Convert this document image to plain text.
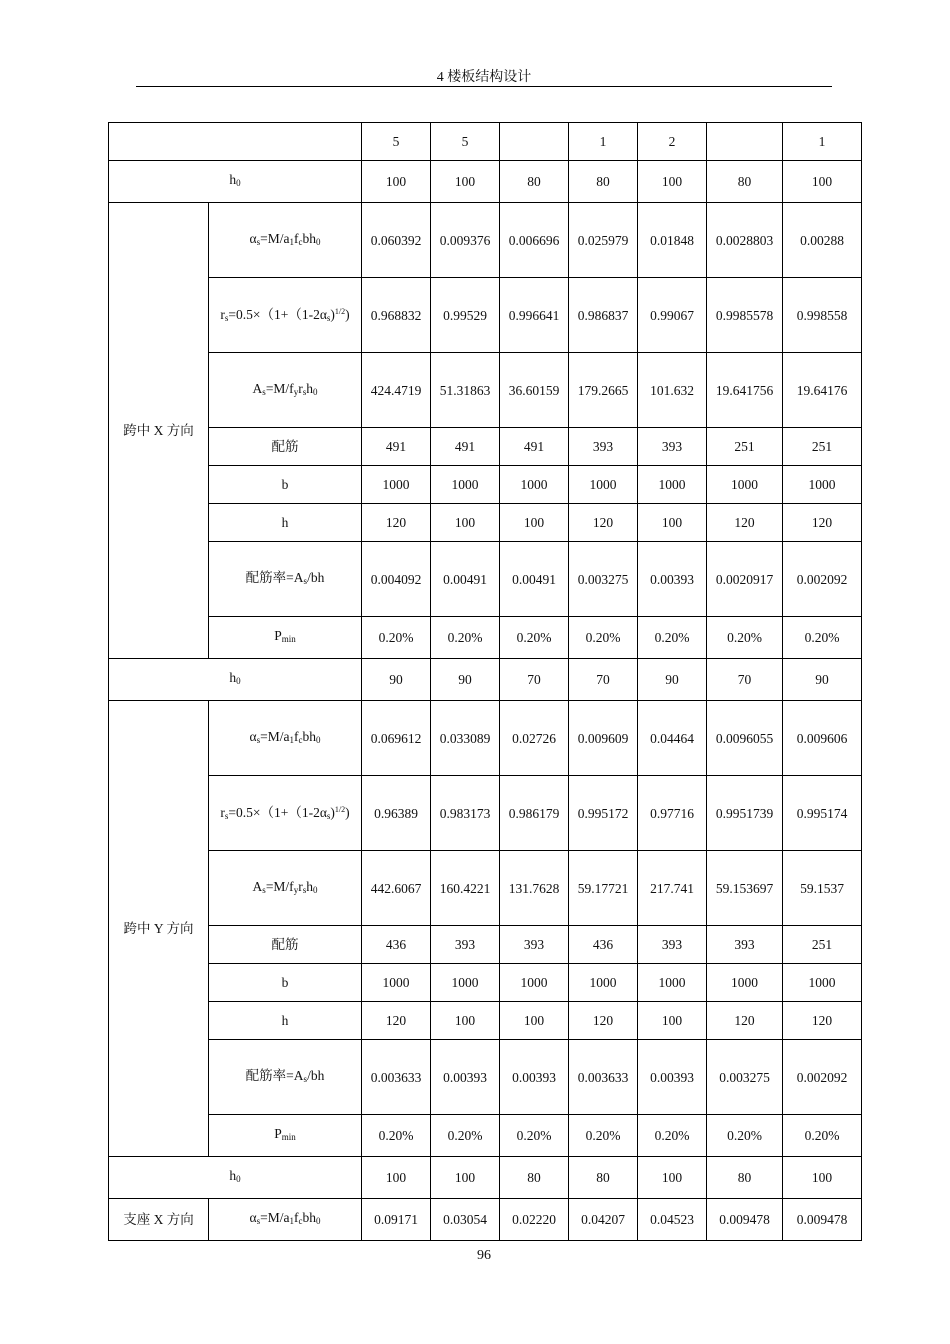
4 楼板结构设计
		5	5		1	2		1
$h_0$		100	100	80	80	100	80	100
跨中 X 方向	$\alpha_s=M/a_1f_cbh_0$	0.060392	0.009376	0.006696	0.025979	0.01848	0.0028803	0.00288
	$r_s=0.5\times(1+(1-2\alpha_s)^{1/2})$	0.968832	0.99529	0.996641	0.986837	0.99067	0.9985578	0.998558
	$A_s=M/f_yr_sh_0$	424.4719	51.31863	36.60159	179.2665	101.632	19.641756	19.64176
	配筋	491	491	491	393	393	251	251
	b	1000	1000	1000	1000	1000	1000	1000
	h	120	100	100	120	100	120	120
	配筋率$=A_s/bh$	0.004092	0.00491	0.00491	0.003275	0.00393	0.0020917	0.002092
	$P_{min}$	0.20%	0.20%	0.20%	0.20%	0.20%	0.20%	0.20%
$h_0$		90	90	70	70	90	70	90
跨中 Y 方向	$\alpha_s=M/a_1f_cbh_0$	0.069612	0.033089	0.02726	0.009609	0.04464	0.0096055	0.009606
	$r_s=0.5\times(1+(1-2\alpha_s)^{1/2})$	0.96389	0.983173	0.986179	0.995172	0.97716	0.9951739	0.995174
	$A_s=M/f_yr_sh_0$	442.6067	160.4221	131.7628	59.17721	217.741	59.153697	59.1537
	配筋	436	393	393	436	393	393	251
	b	1000	1000	1000	1000	1000	1000	1000
	h	120	100	100	120	100	120	120
	配筋率$=A_s/bh$	0.003633	0.00393	0.00393	0.003633	0.00393	0.003275	0.002092
	$P_{min}$	0.20%	0.20%	0.20%	0.20%	0.20%	0.20%	0.20%
$h_0$		100	100	80	80	100	80	100
支座 X 方向	$\alpha_s=M/a_1f_cbh_0$	0.09171	0.03054	0.02220	0.04207	0.04523	0.009478	0.009478
96
